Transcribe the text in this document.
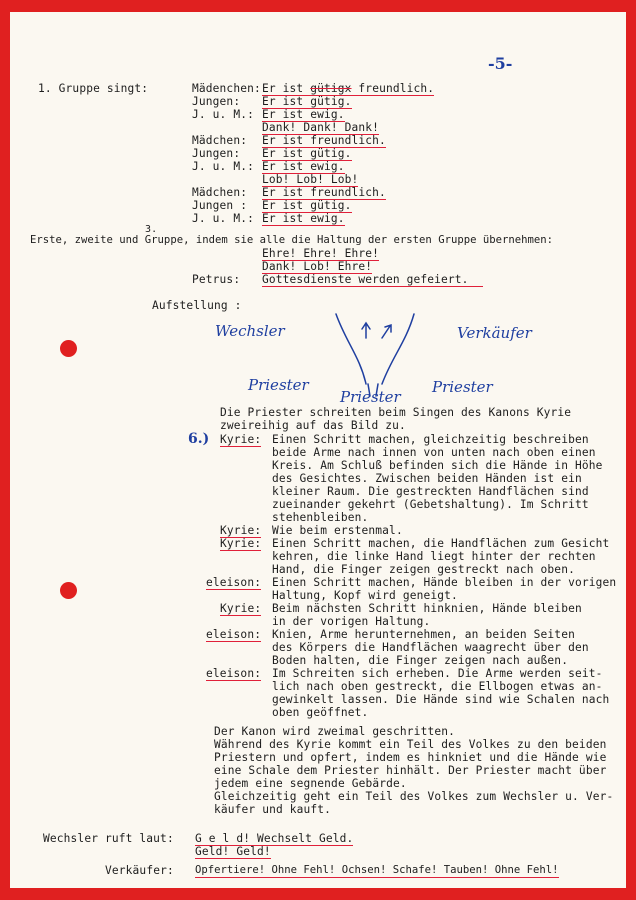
-5-
1. Gruppe singt:	Mädenchen: Er ist gütigx freundlich.
Jungen: Er ist gütig.
J. u. M.: Er ist ewig.
Dank! Dank! Dank!
Mädchen: Er ist freundlich.
Jungen: Er ist gütig.
J. u. M.: Er ist ewig.
Lob! Lob! Lob!
Mädchen: Er ist freundlich.
Jungen : Er ist gütig.
J. u. M.: Er ist ewig.
3.
Erste, zweite und Gruppe, indem sie alle die Haltung der ersten Gruppe übernehmen:
Ehre! Ehre! Ehre!
Dank! Lob! Ehre!
Petrus: Gottesdienste werden gefeiert.
Aufstellung :
Wechsler	Verkäufer
Priester
Priester
Priester
Die Priester schreiten beim Singen des Kanons Kyrie
zweireihig auf das Bild zu.
6.) Kyrie: Einen Schritt machen, gleichzeitig beschreiben
beide Arme nach innen von unten nach oben einen
Kreis. Am Schluß befinden sich die Hände in Höhe
des Gesichtes. Zwischen beiden Händen ist ein
kleiner Raum. Die gestreckten Handflächen sind
zueinander gekehrt (Gebetshaltung). Im Schritt
stehenbleiben.
Kyrie: Wie beim erstenmal.
Kyrie: Einen Schritt machen, die Handflächen zum Gesicht
kehren, die linke Hand liegt hinter der rechten
Hand, die Finger zeigen gestreckt nach oben.
eleison: Einen Schritt machen, Hände bleiben in der vorigen
Haltung, Kopf wird geneigt.
Kyrie: Beim nächsten Schritt hinknien, Hände bleiben
in der vorigen Haltung.
eleison: Knien, Arme herunternehmen, an beiden Seiten
des Körpers die Handflächen waagrecht über den
Boden halten, die Finger zeigen nach außen.
eleison: Im Schreiten sich erheben. Die Arme werden seit-
lich nach oben gestreckt, die Ellbogen etwas an-
gewinkelt lassen. Die Hände sind wie Schalen nach
oben geöffnet.
Der Kanon wird zweimal geschritten.
Während des Kyrie kommt ein Teil des Volkes zu den beiden
Priestern und opfert, indem es hinkniet und die Hände wie
eine Schale dem Priester hinhält. Der Priester macht über
jedem eine segnende Gebärde.
Gleichzeitig geht ein Teil des Volkes zum Wechsler u. Ver-
käufer und kauft.
Wechsler ruft laut: G e l d! Wechselt Geld.
Geld! Geld!
Verkäufer: Opfertiere! Ohne Fehl! Ochsen! Schafe! Tauben! Ohne Fehl!
